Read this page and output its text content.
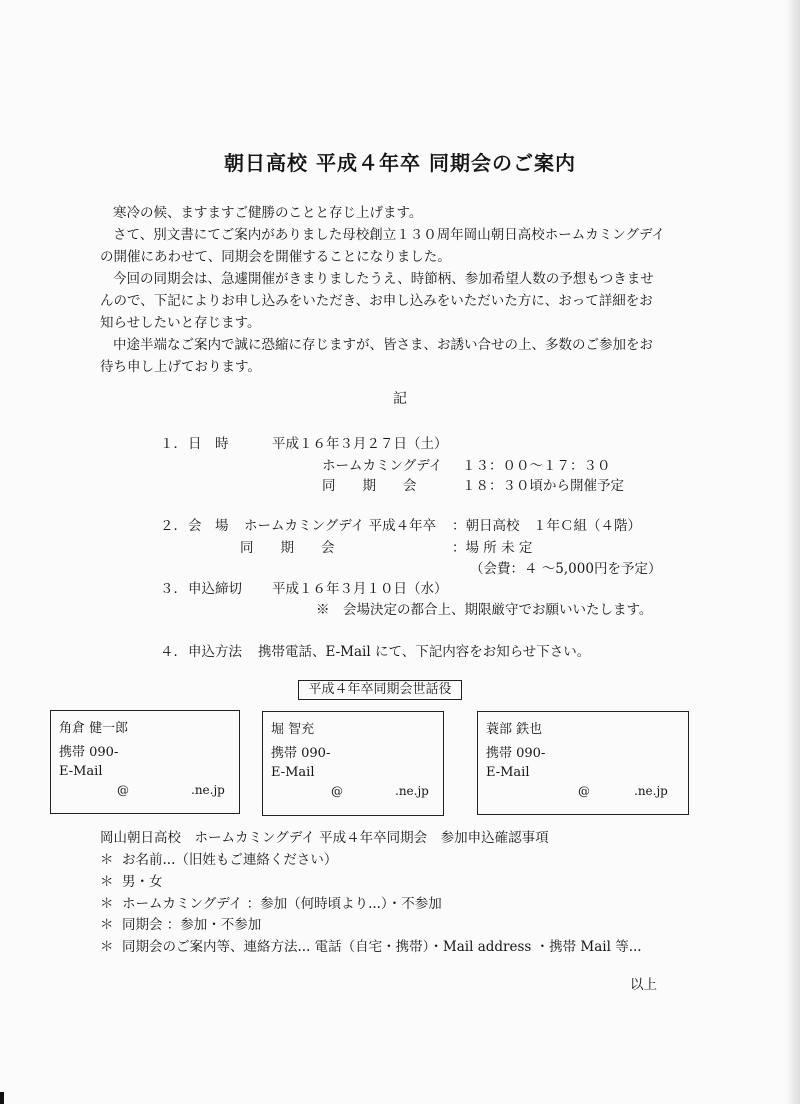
朝日高校 平成４年卒 同期会のご案内

寒冷の候、ますますご健勝のことと存じ上げます。

さて、別文書にてご案内がありました母校創立１３０周年岡山朝日高校ホームカミングデイの開催にあわせて、同期会を開催することになりました。

今回の同期会は、急遽開催がきまりましたうえ、時節柄、参加希望人数の予想もつきませんので、下記によりお申し込みをいただき、お申し込みをいただいた方に、おって詳細をお知らせしたいと存じます。

中途半端なご案内で誠に恐縮に存じますが、皆さま、お誘い合せの上、多数のご参加をお待ち申し上げております。

記
１． 日　時	平成１６年３月２７日（土）
ホームカミングデイ １３：００～１７：３０
同　　期　　会	１８：３０頃から開催予定
２． 会　場 ホームカミングデイ 平成４年卒 ：朝日高校　１年Ｃ組（４階）
同　　期　　会	：場 所 未 定
（会費：４ ～5,000円を予定）
３． 申込締切 平成１６年３月１０日（水）
※　会場決定の都合上、期限厳守でお願いいたします。
４． 申込方法 携帯電話、E-Mail にて、下記内容をお知らせ下さい。
平成４年卒同期会世話役
角倉 健一郎
携帯 090-
E-Mail
@	.ne.jp
堀 智充
携帯 090-
E-Mail
@	.ne.jp
蓑部 鉄也
携帯 090-
E-Mail
@	.ne.jp
岡山朝日高校　ホームカミングデイ 平成４年卒同期会　参加申込確認事項
＊ お名前...（旧姓もご連絡ください）
＊ 男・女
＊ ホームカミングデイ ：参加（何時頃より...）・不参加
＊ 同期会 ：参加・不参加
＊ 同期会のご案内等、連絡方法... 電話（自宅・携帯）・Mail address ・携帯 Mail 等...
以上
